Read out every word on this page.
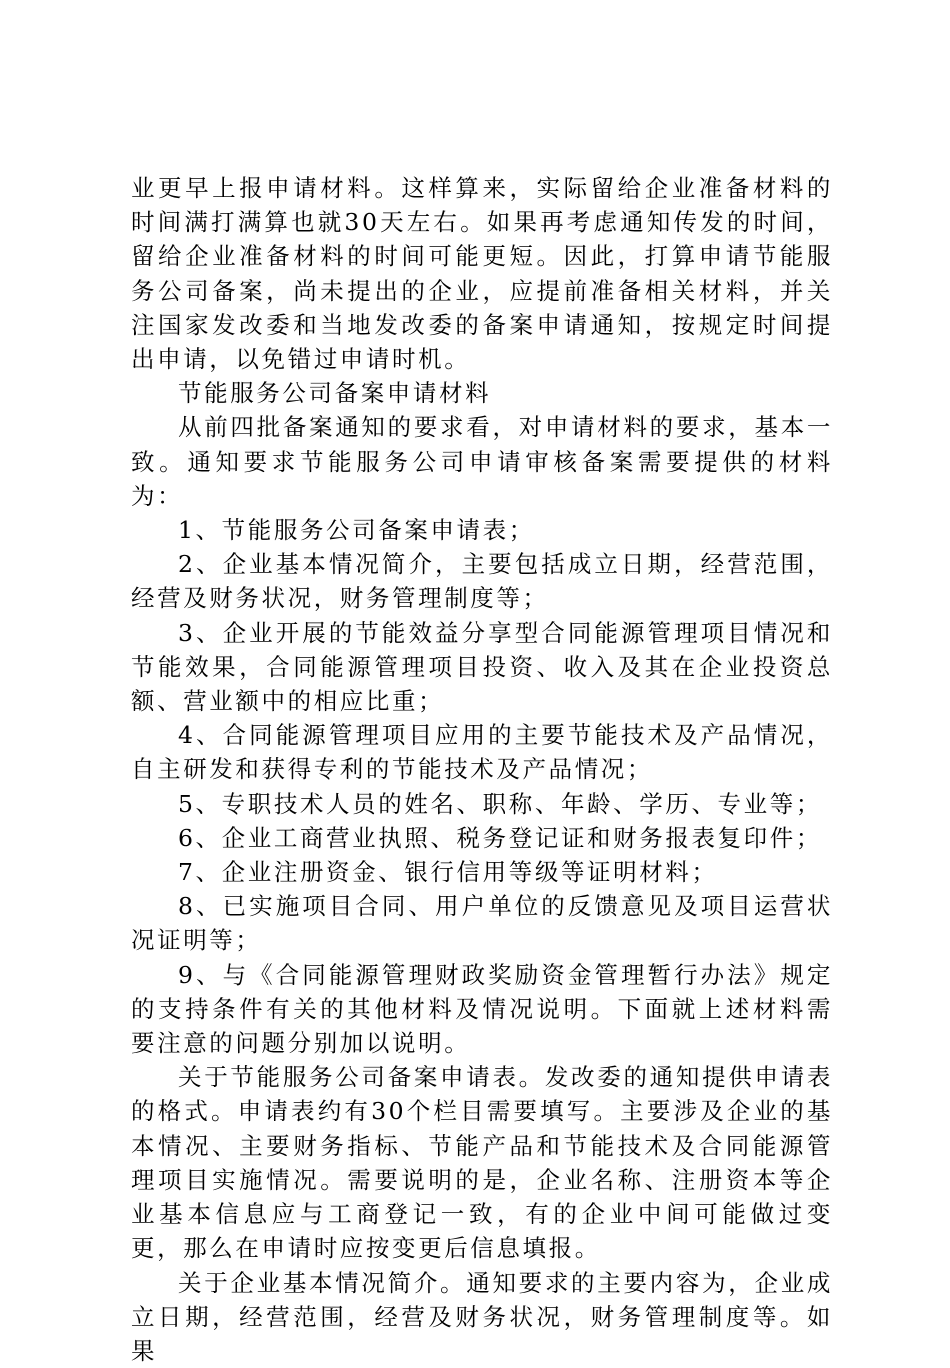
业更早上报申请材料。这样算来，实际留给企业准备材料的时间满打满算也就30天左右。如果再考虑通知传发的时间，留给企业准备材料的时间可能更短。因此，打算申请节能服务公司备案，尚未提出的企业，应提前准备相关材料，并关注国家发改委和当地发改委的备案申请通知，按规定时间提出申请，以免错过申请时机。

节能服务公司备案申请材料

从前四批备案通知的要求看，对申请材料的要求，基本一致。通知要求节能服务公司申请审核备案需要提供的材料为：

1、节能服务公司备案申请表；

2、企业基本情况简介，主要包括成立日期，经营范围，经营及财务状况，财务管理制度等；

3、企业开展的节能效益分享型合同能源管理项目情况和节能效果，合同能源管理项目投资、收入及其在企业投资总额、营业额中的相应比重；

4、合同能源管理项目应用的主要节能技术及产品情况，自主研发和获得专利的节能技术及产品情况；

5、专职技术人员的姓名、职称、年龄、学历、专业等；

6、企业工商营业执照、税务登记证和财务报表复印件；

7、企业注册资金、银行信用等级等证明材料；

8、已实施项目合同、用户单位的反馈意见及项目运营状况证明等；

9、与《合同能源管理财政奖励资金管理暂行办法》规定的支持条件有关的其他材料及情况说明。下面就上述材料需要注意的问题分别加以说明。

关于节能服务公司备案申请表。发改委的通知提供申请表的格式。申请表约有30个栏目需要填写。主要涉及企业的基本情况、主要财务指标、节能产品和节能技术及合同能源管理项目实施情况。需要说明的是，企业名称、注册资本等企业基本信息应与工商登记一致，有的企业中间可能做过变更，那么在申请时应按变更后信息填报。

关于企业基本情况简介。通知要求的主要内容为，企业成立日期，经营范围，经营及财务状况，财务管理制度等。如果
